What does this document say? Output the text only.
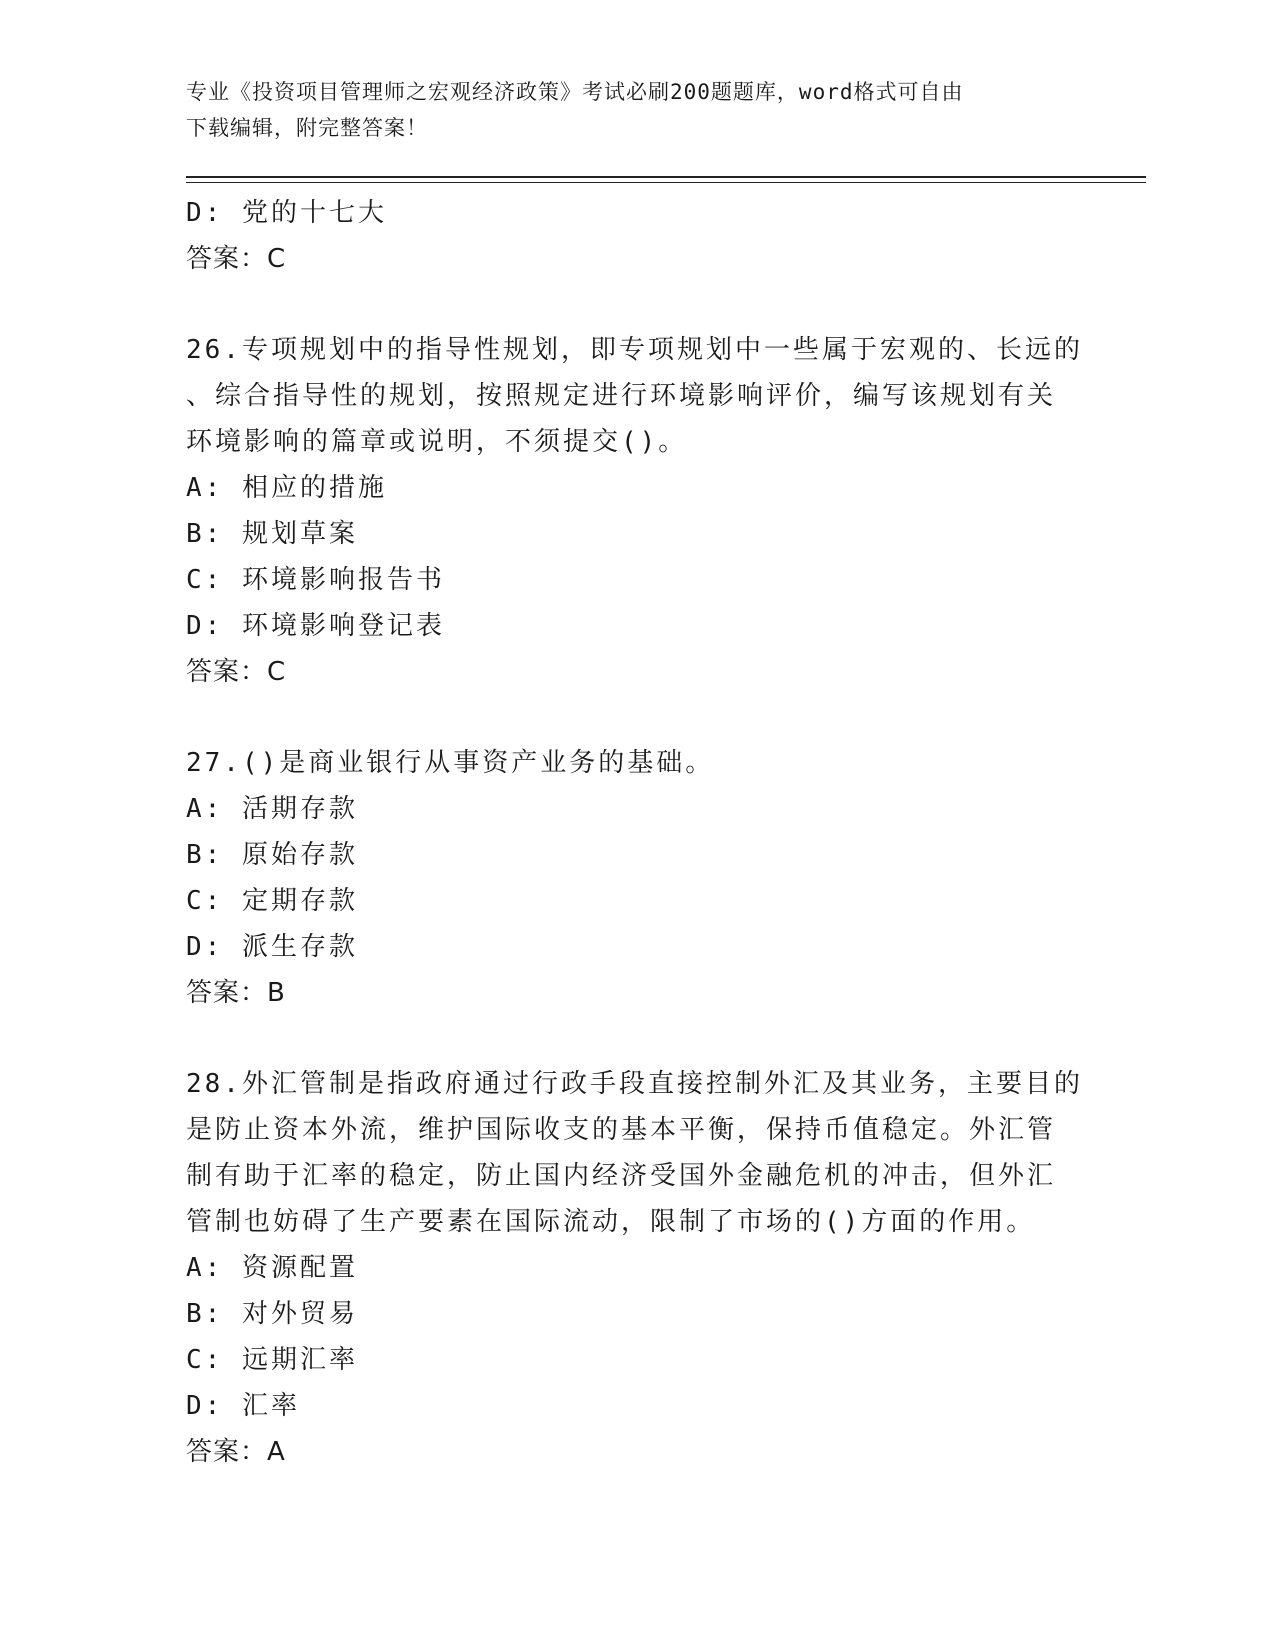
专业《投资项目管理师之宏观经济政策》考试必刷200题题库，word格式可自由
下载编辑，附完整答案！
D: 党的十七大
答案：C
26.专项规划中的指导性规划，即专项规划中一些属于宏观的、长远的
、综合指导性的规划，按照规定进行环境影响评价，编写该规划有关
环境影响的篇章或说明，不须提交()。
A: 相应的措施
B: 规划草案
C: 环境影响报告书
D: 环境影响登记表
答案：C
27.()是商业银行从事资产业务的基础。
A: 活期存款
B: 原始存款
C: 定期存款
D: 派生存款
答案：B
28.外汇管制是指政府通过行政手段直接控制外汇及其业务，主要目的
是防止资本外流，维护国际收支的基本平衡，保持币值稳定。外汇管
制有助于汇率的稳定，防止国内经济受国外金融危机的冲击，但外汇
管制也妨碍了生产要素在国际流动，限制了市场的()方面的作用。
A: 资源配置
B: 对外贸易
C: 远期汇率
D: 汇率
答案：A
